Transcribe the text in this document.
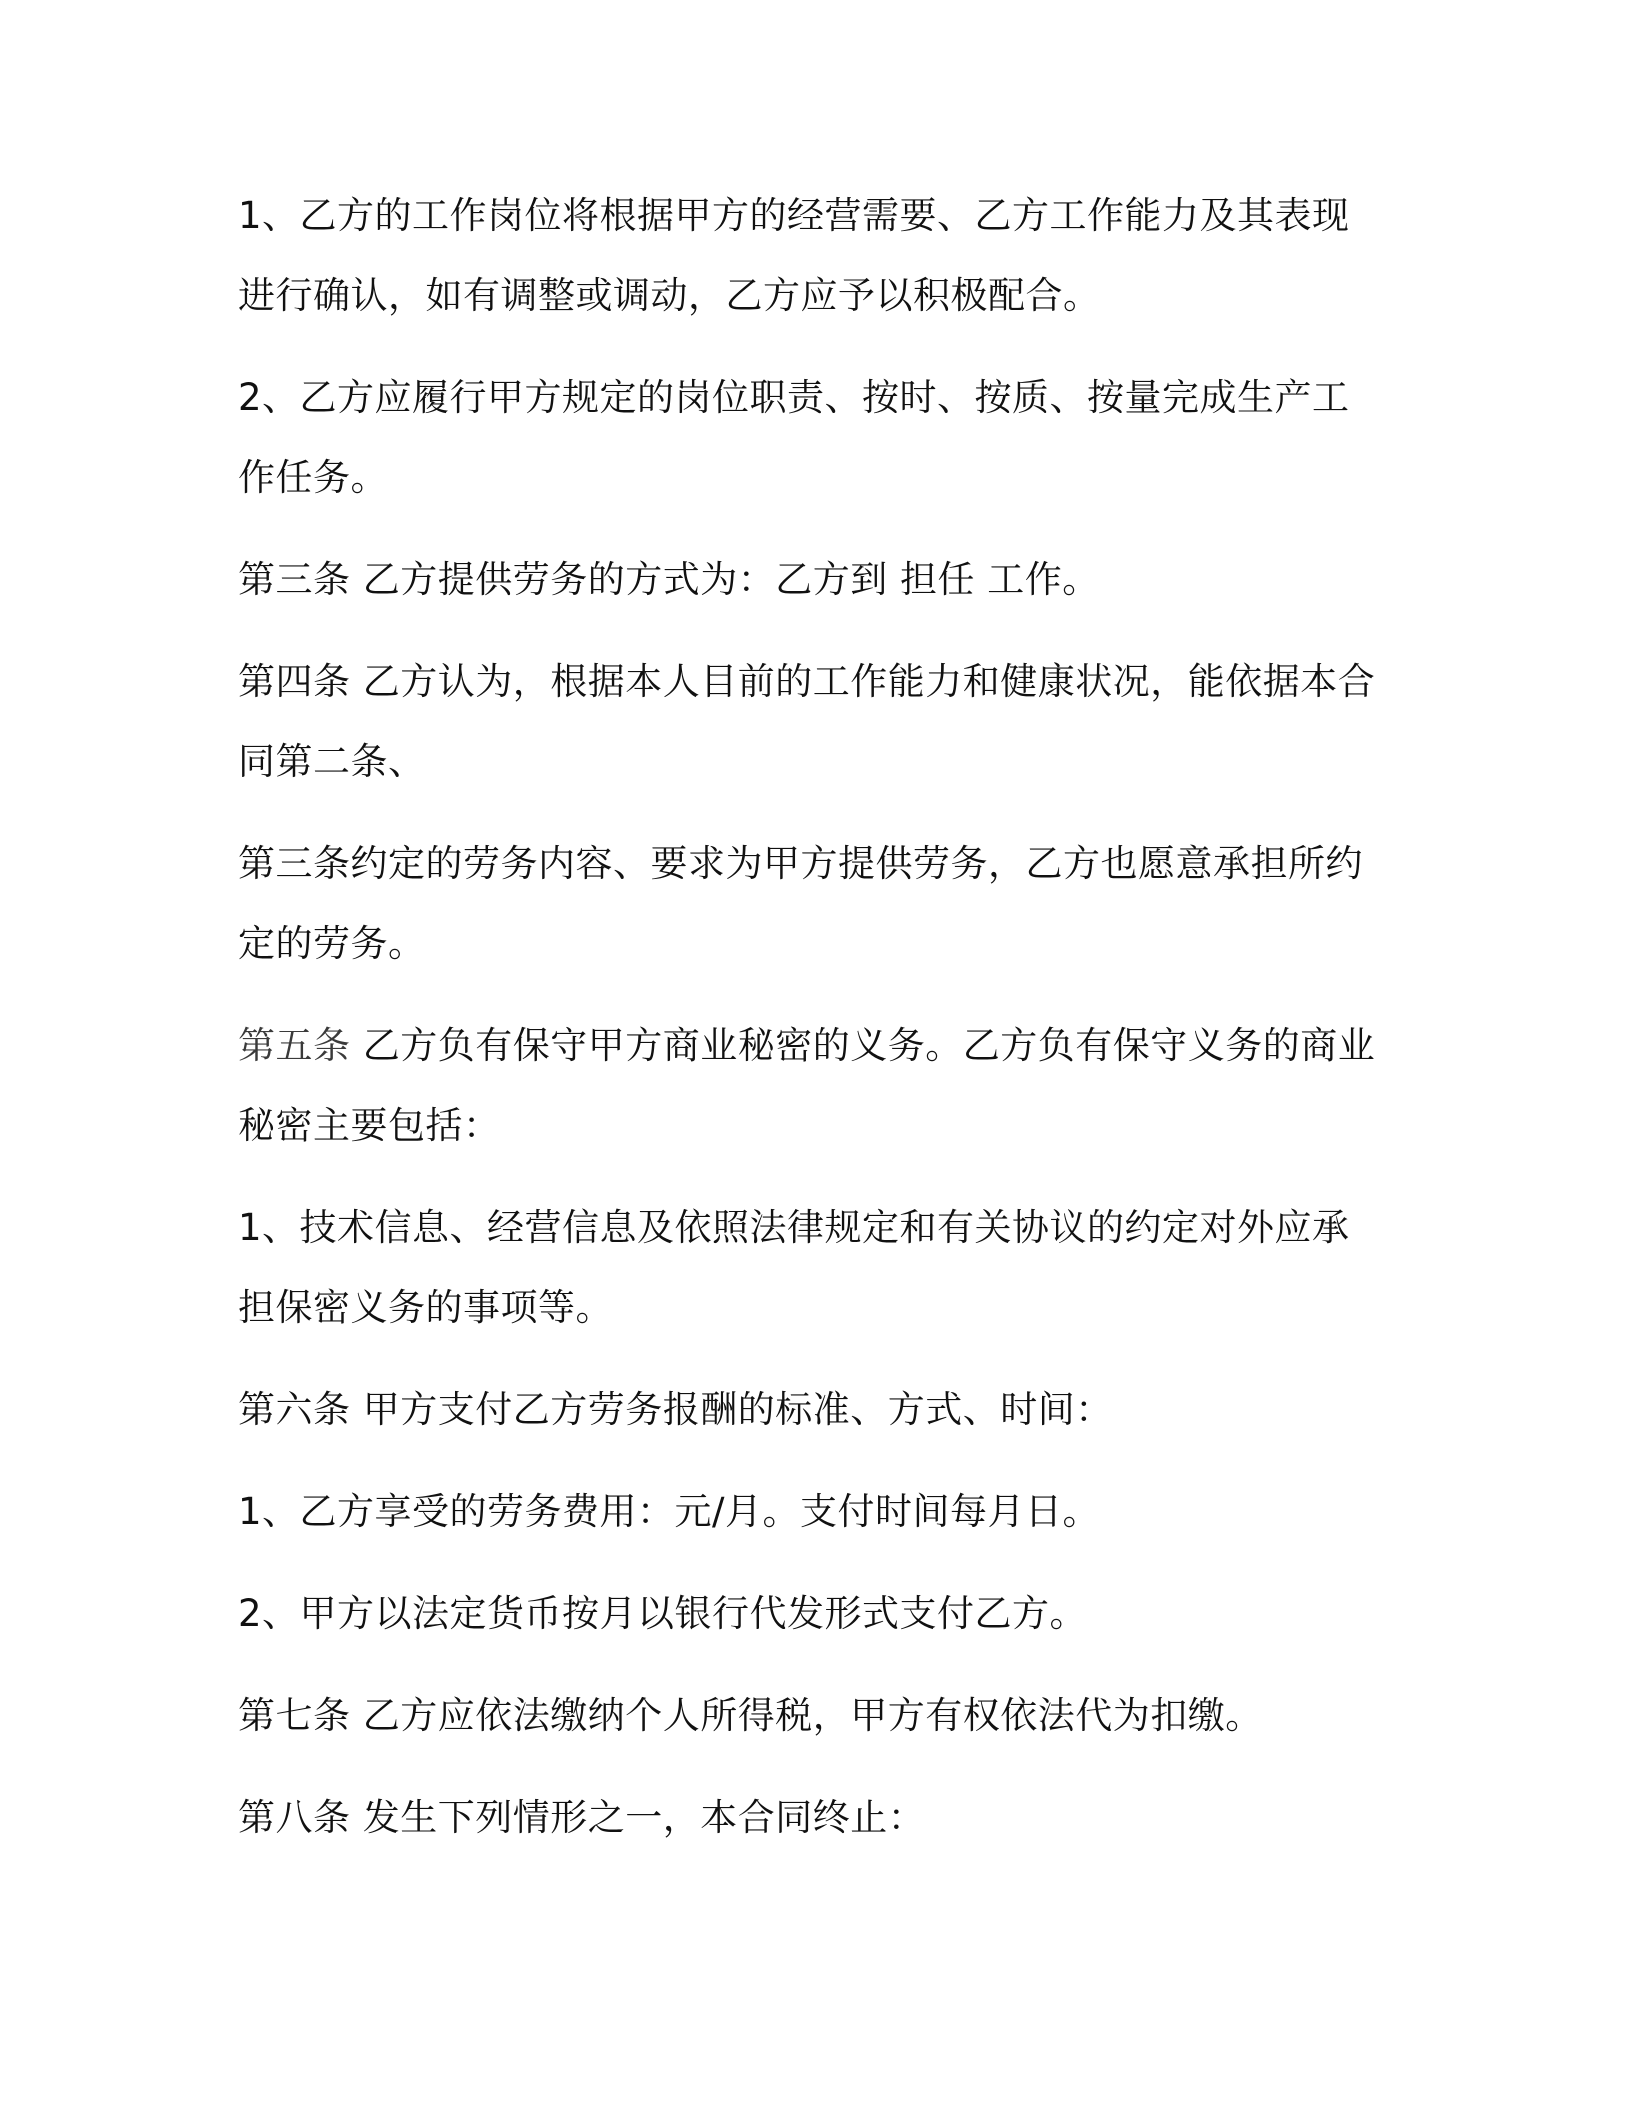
1、乙方的工作岗位将根据甲方的经营需要、乙方工作能力及其表现进行确认，如有调整或调动，乙方应予以积极配合。

2、乙方应履行甲方规定的岗位职责、按时、按质、按量完成生产工作任务。

第三条 乙方提供劳务的方式为：乙方到 担任 工作。

第四条 乙方认为，根据本人目前的工作能力和健康状况，能依据本合同第二条、

第三条约定的劳务内容、要求为甲方提供劳务，乙方也愿意承担所约定的劳务。

第五条 乙方负有保守甲方商业秘密的义务。乙方负有保守义务的商业秘密主要包括：

1、技术信息、经营信息及依照法律规定和有关协议的约定对外应承担保密义务的事项等。

第六条 甲方支付乙方劳务报酬的标准、方式、时间：

1、乙方享受的劳务费用：元/月。支付时间每月日。

2、甲方以法定货币按月以银行代发形式支付乙方。

第七条 乙方应依法缴纳个人所得税，甲方有权依法代为扣缴。

第八条 发生下列情形之一，本合同终止：
